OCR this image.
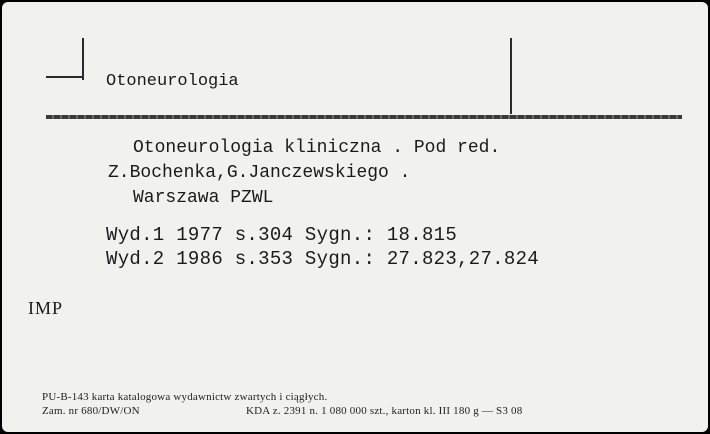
Otoneurologia
Otoneurologia kliniczna . Pod red.
Z.Bochenka,G.Janczewskiego .
Warszawa PZWL
Wyd.1 1977 s.304 Sygn.: 18.815
Wyd.2 1986 s.353 Sygn.: 27.823,27.824
IMP
PU-B-143 karta katalogowa wydawnictw zwartych i ciągłych.
Zam. nr 680/DW/ON	KDA z. 2391 n. 1 080 000 szt., karton kl. III 180 g — S3 08
